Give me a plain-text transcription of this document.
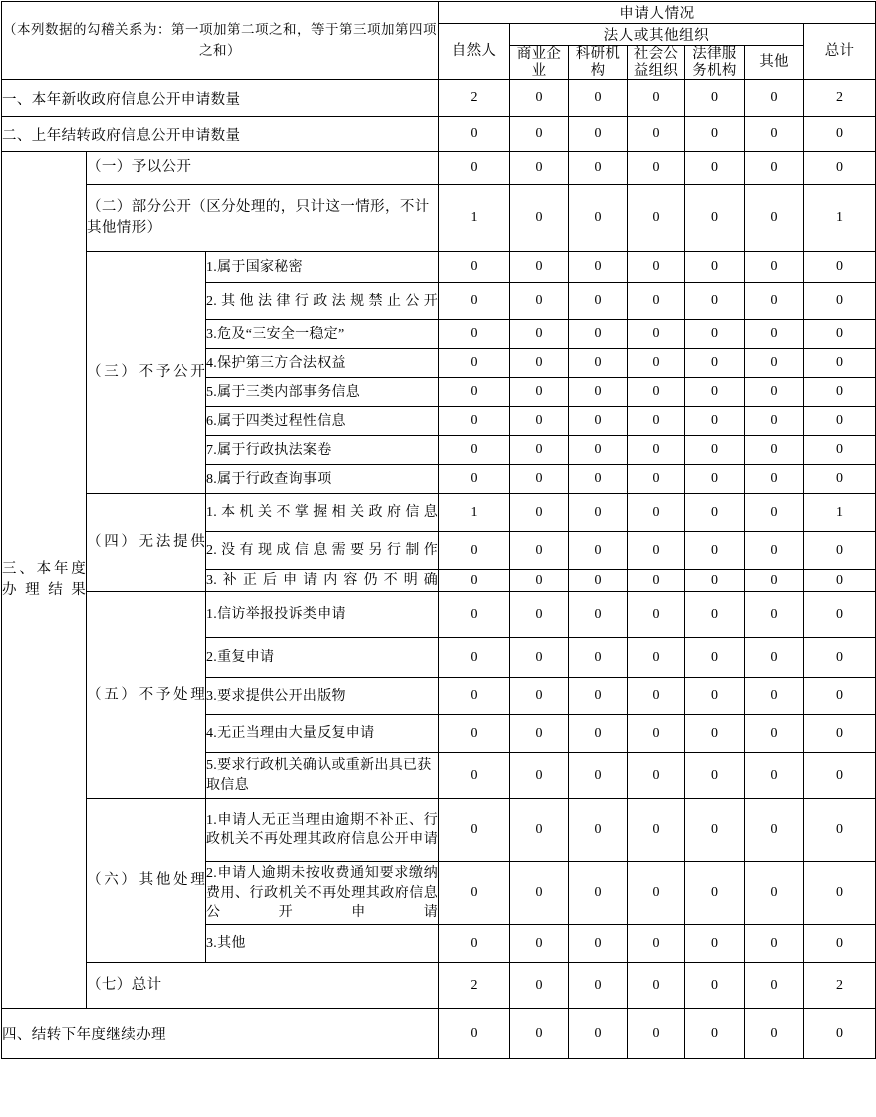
（本列数据的勾稽关系为：第一项加第二项之和，等于第三项加第四项之和）			申请人情况						
			自然人	法人或其他组织					总计
				商业企业	科研机构	社会公益组织	法律服务机构	其他	
一、本年新收政府信息公开申请数量			2	0	0	0	0	0	2
二、上年结转政府信息公开申请数量			0	0	0	0	0	0	0
三、本年度办理结果	（一）予以公开		0	0	0	0	0	0	0
	（二）部分公开（区分处理的，只计这一情形，不计其他情形）		1	0	0	0	0	0	1
	（三）不予公开	1.属于国家秘密	0	0	0	0	0	0	0
		2.其他法律行政法规禁止公开	0	0	0	0	0	0	0
		3.危及“三安全一稳定”	0	0	0	0	0	0	0
		4.保护第三方合法权益	0	0	0	0	0	0	0
		5.属于三类内部事务信息	0	0	0	0	0	0	0
		6.属于四类过程性信息	0	0	0	0	0	0	0
		7.属于行政执法案卷	0	0	0	0	0	0	0
		8.属于行政查询事项	0	0	0	0	0	0	0
	（四）无法提供	1.本机关不掌握相关政府信息	1	0	0	0	0	0	1
		2.没有现成信息需要另行制作	0	0	0	0	0	0	0
		3.补正后申请内容仍不明确	0	0	0	0	0	0	0
	（五）不予处理	1.信访举报投诉类申请	0	0	0	0	0	0	0
		2.重复申请	0	0	0	0	0	0	0
		3.要求提供公开出版物	0	0	0	0	0	0	0
		4.无正当理由大量反复申请	0	0	0	0	0	0	0
		5.要求行政机关确认或重新出具已获取信息	0	0	0	0	0	0	0
	（六）其他处理	1.申请人无正当理由逾期不补正、行政机关不再处理其政府信息公开申请	0	0	0	0	0	0	0
		2.申请人逾期未按收费通知要求缴纳费用、行政机关不再处理其政府信息公开申请	0	0	0	0	0	0	0
		3.其他	0	0	0	0	0	0	0
	（七）总计		2	0	0	0	0	0	2
四、结转下年度继续办理			0	0	0	0	0	0	0
